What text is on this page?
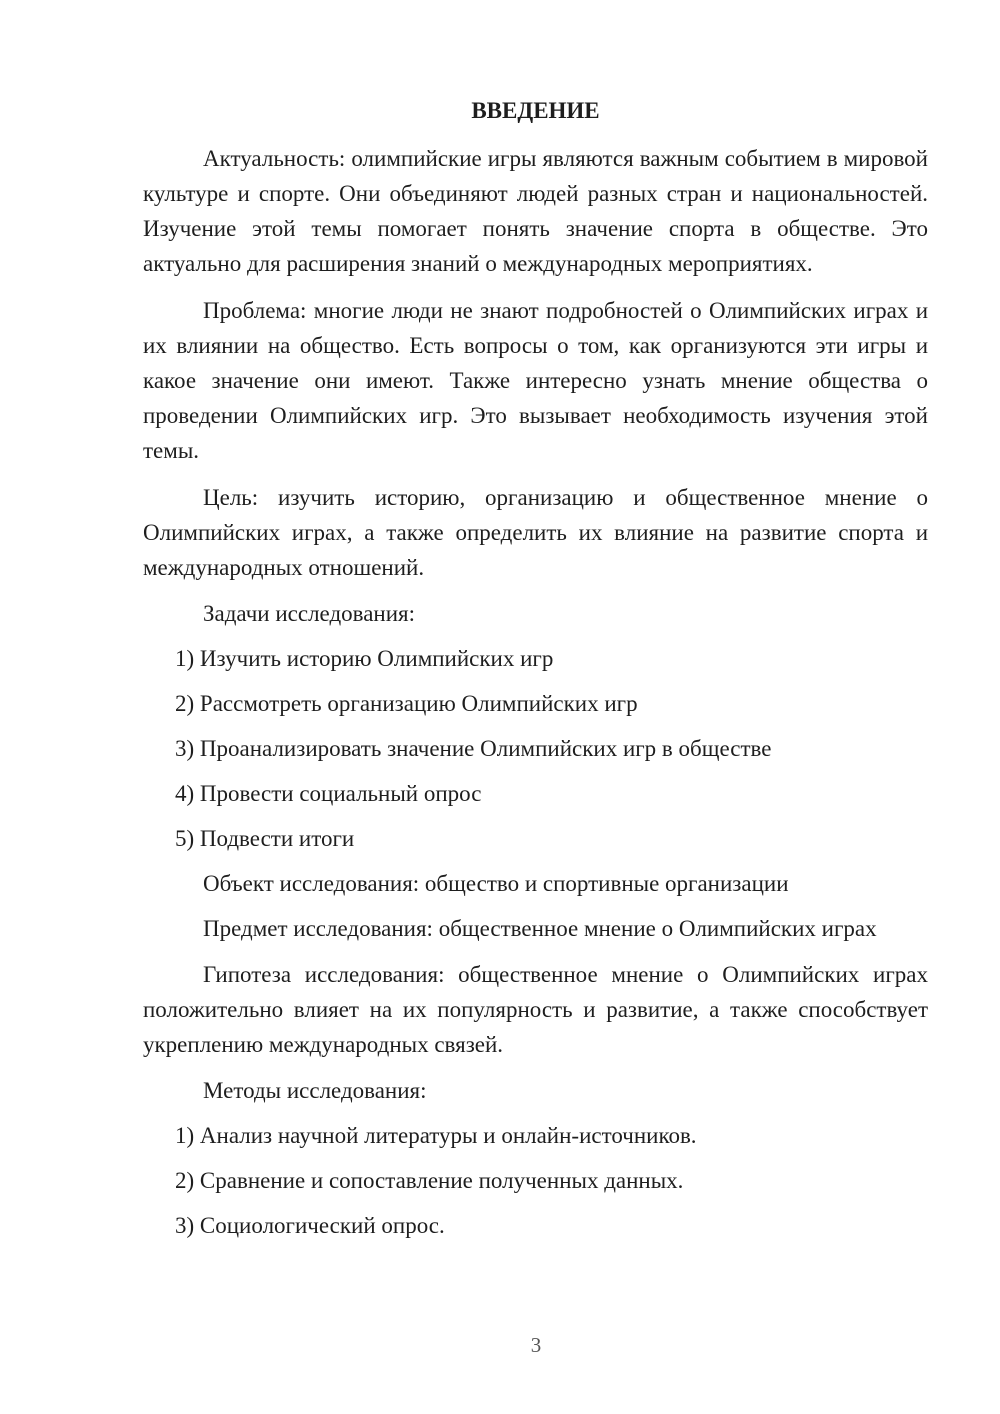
ВВЕДЕНИЕ

Актуальность: олимпийские игры являются важным событием в мировой культуре и спорте. Они объединяют людей разных стран и национальностей. Изучение этой темы помогает понять значение спорта в обществе. Это актуально для расширения знаний о международных мероприятиях.

Проблема: многие люди не знают подробностей о Олимпийских играх и их влиянии на общество. Есть вопросы о том, как организуются эти игры и какое значение они имеют. Также интересно узнать мнение общества о проведении Олимпийских игр. Это вызывает необходимость изучения этой темы.

Цель: изучить историю, организацию и общественное мнение о Олимпийских играх, а также определить их влияние на развитие спорта и международных отношений.

Задачи исследования:

1) Изучить историю Олимпийских игр

2) Рассмотреть организацию Олимпийских игр

3) Проанализировать значение Олимпийских игр в обществе

4) Провести социальный опрос

5) Подвести итоги

Объект исследования: общество и спортивные организации

Предмет исследования: общественное мнение о Олимпийских играх

Гипотеза исследования: общественное мнение о Олимпийских играх положительно влияет на их популярность и развитие, а также способствует укреплению международных связей.

Методы исследования:

1) Анализ научной литературы и онлайн-источников.

2) Сравнение и сопоставление полученных данных.

3) Социологический опрос.

3
